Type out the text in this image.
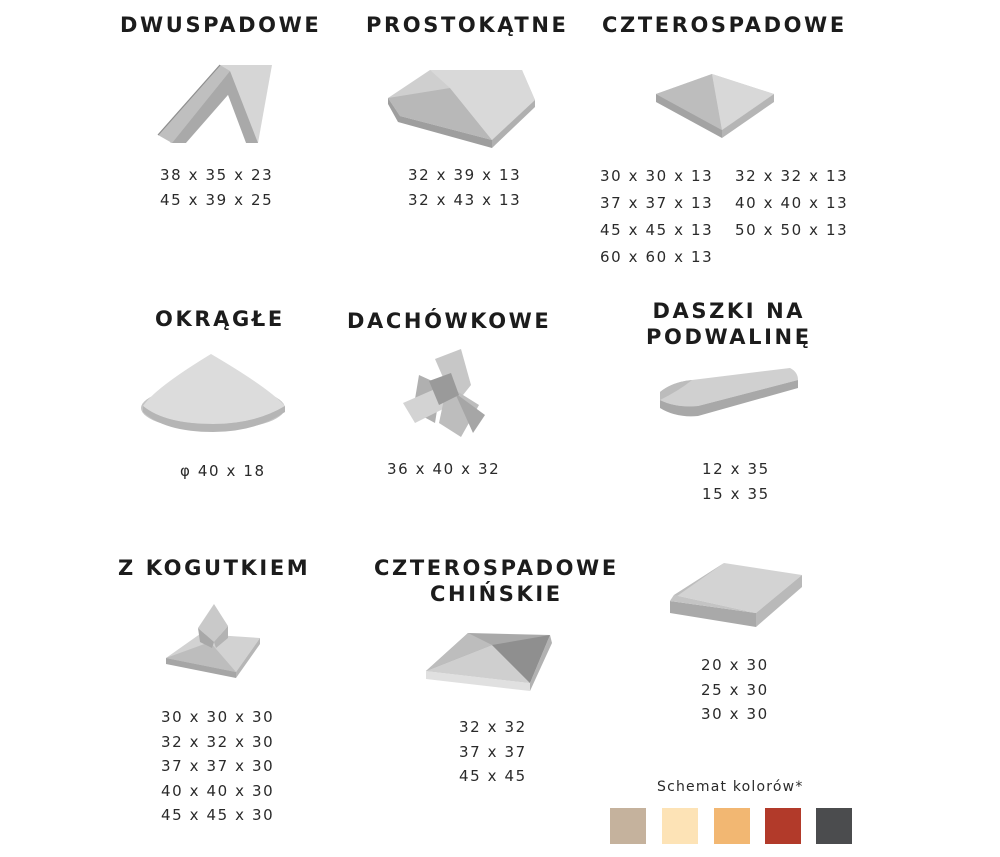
DWUSPADOWE
38 x 35 x 23
45 x 39 x 25
PROSTOKĄTNE
32 x 39 x 13
32 x 43 x 13
CZTEROSPADOWE
30 x 30 x 13
37 x 37 x 13
45 x 45 x 13
60 x 60 x 13
32 x 32 x 13
40 x 40 x 13
50 x 50 x 13
OKRĄGŁE
φ 40 x 18
DACHÓWKOWE
36 x 40 x 32
DASZKI NA
PODWALINĘ
12 x 35
15 x 35
Z KOGUTKIEM
30 x 30 x 30
32 x 32 x 30
37 x 37 x 30
40 x 40 x 30
45 x 45 x 30
CZTEROSPADOWE
CHIŃSKIE
32 x 32
37 x 37
45 x 45
20 x 30
25 x 30
30 x 30
Schemat kolorów*
